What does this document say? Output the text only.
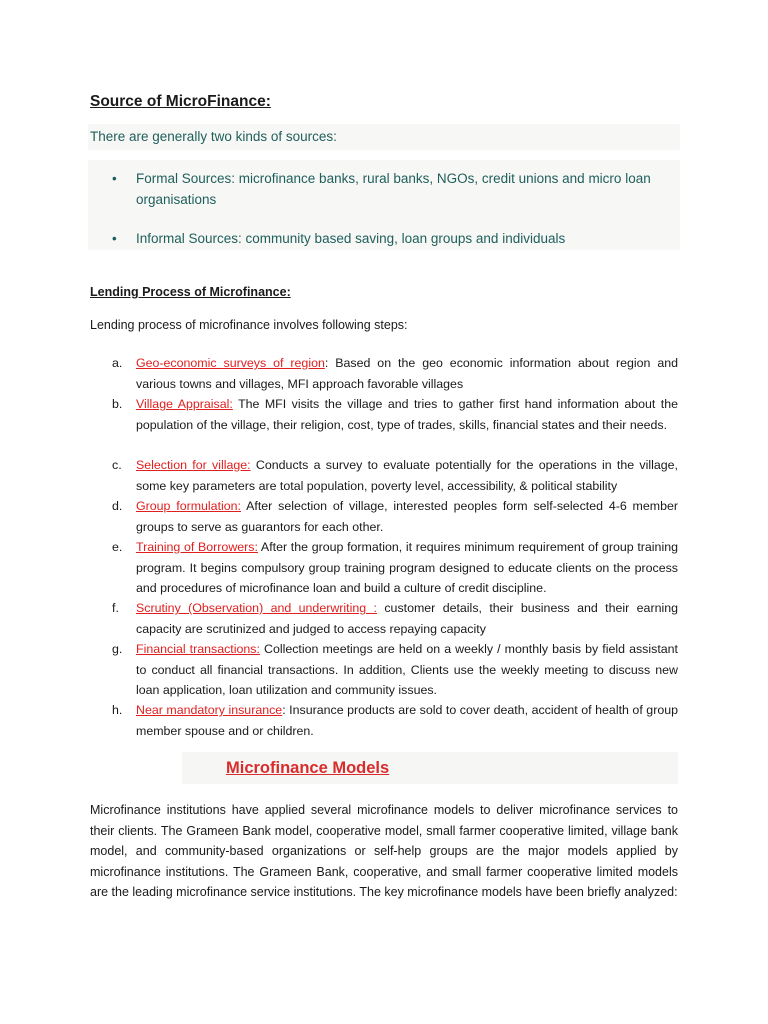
Source of MicroFinance:

There are generally two kinds of sources:

• Formal Sources: microfinance banks, rural banks, NGOs, credit unions and micro loan organisations
• Informal Sources: community based saving, loan groups and individuals
Lending Process of Microfinance:

Lending process of microfinance involves following steps:

a. Geo-economic surveys of region: Based on the geo economic information about region and various towns and villages, MFI approach favorable villages
b. Village Appraisal: The MFI visits the village and tries to gather first hand information about the population of the village, their religion, cost, type of trades, skills, financial states and their needs.
c. Selection for village: Conducts a survey to evaluate potentially for the operations in the village, some key parameters are total population, poverty level, accessibility, & political stability
d. Group formulation: After selection of village, interested peoples form self-selected 4-6 member groups to serve as guarantors for each other.
e. Training of Borrowers: After the group formation, it requires minimum requirement of group training program. It begins compulsory group training program designed to educate clients on the process and procedures of microfinance loan and build a culture of credit discipline.
f. Scrutiny (Observation) and underwriting : customer details, their business and their earning capacity are scrutinized and judged to access repaying capacity
g. Financial transactions: Collection meetings are held on a weekly / monthly basis by field assistant to conduct all financial transactions. In addition, Clients use the weekly meeting to discuss new loan application, loan utilization and community issues.
h. Near mandatory insurance: Insurance products are sold to cover death, accident of health of group member spouse and or children.
Microfinance Models

Microfinance institutions have applied several microfinance models to deliver microfinance services to their clients. The Grameen Bank model, cooperative model, small farmer cooperative limited, village bank model, and community-based organizations or self-help groups are the major models applied by microfinance institutions. The Grameen Bank, cooperative, and small farmer cooperative limited models are the leading microfinance service institutions. The key microfinance models have been briefly analyzed:
